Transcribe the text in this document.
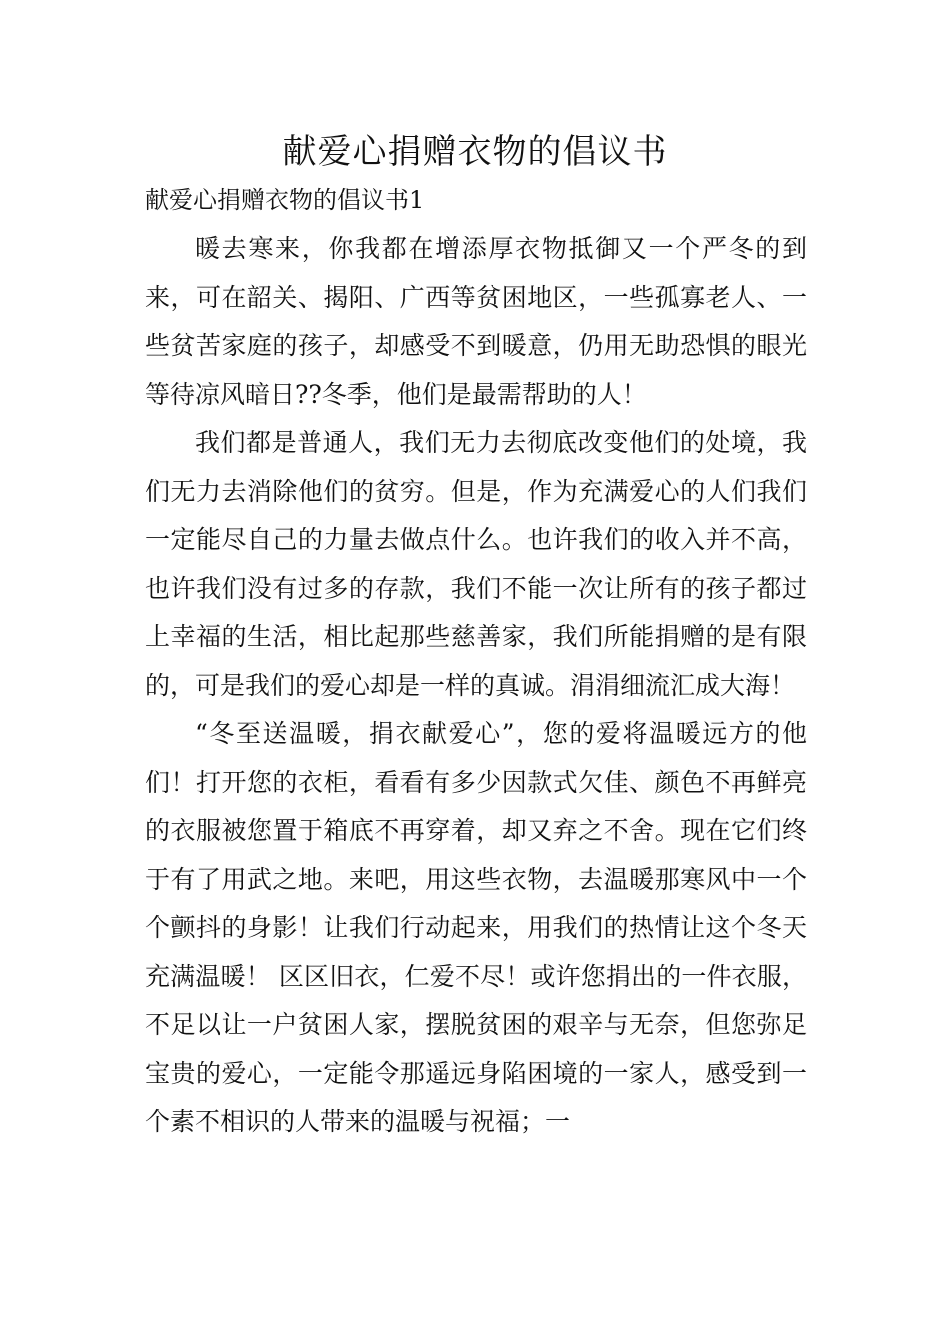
献爱心捐赠衣物的倡议书

献爱心捐赠衣物的倡议书1

暖去寒来，你我都在增添厚衣物抵御又一个严冬的到来，可在韶关、揭阳、广西等贫困地区，一些孤寡老人、一些贫苦家庭的孩子，却感受不到暖意，仍用无助恐惧的眼光等待凉风暗日??冬季，他们是最需帮助的人！

我们都是普通人，我们无力去彻底改变他们的处境，我们无力去消除他们的贫穷。但是，作为充满爱心的人们我们一定能尽自己的力量去做点什么。也许我们的收入并不高，也许我们没有过多的存款，我们不能一次让所有的孩子都过上幸福的生活，相比起那些慈善家，我们所能捐赠的是有限的，可是我们的爱心却是一样的真诚。涓涓细流汇成大海！

“冬至送温暖，捐衣献爱心”，您的爱将温暖远方的他们！打开您的衣柜，看看有多少因款式欠佳、颜色不再鲜亮的衣服被您置于箱底不再穿着，却又弃之不舍。现在它们终于有了用武之地。来吧，用这些衣物，去温暖那寒风中一个个颤抖的身影！让我们行动起来，用我们的热情让这个冬天充满温暖！ 区区旧衣，仁爱不尽！或许您捐出的一件衣服，不足以让一户贫困人家，摆脱贫困的艰辛与无奈，但您弥足宝贵的爱心，一定能令那遥远身陷困境的一家人，感受到一个素不相识的人带来的温暖与祝福；一
